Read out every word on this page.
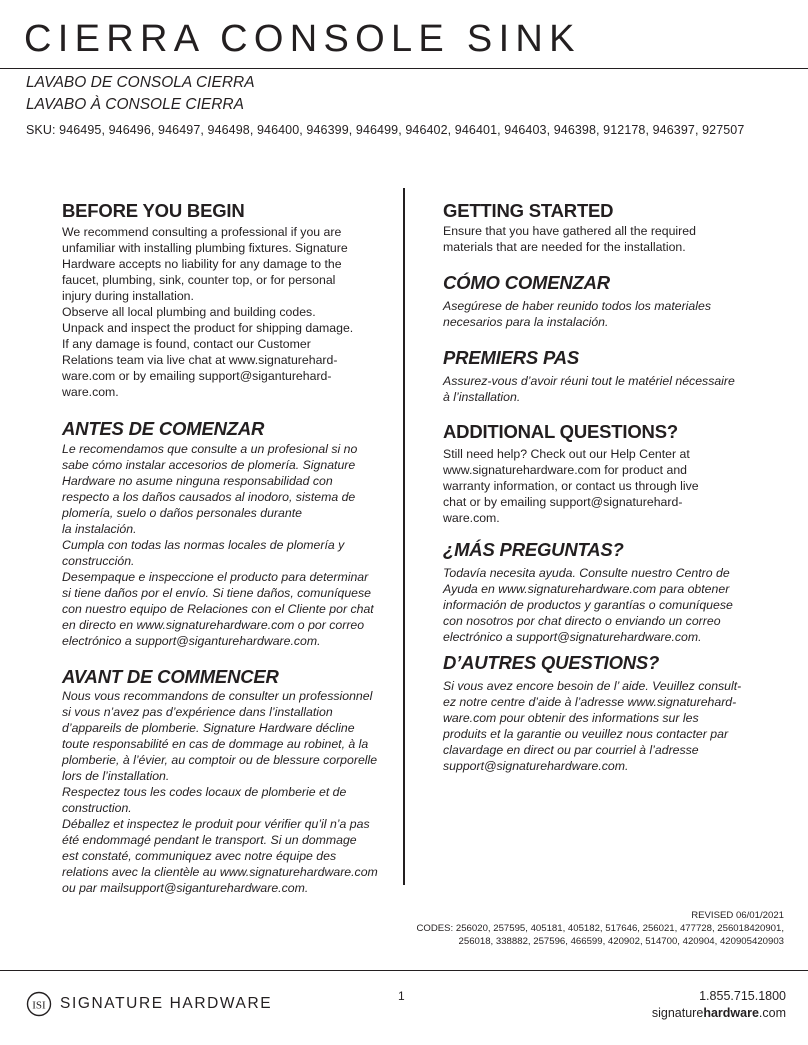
CIERRA CONSOLE SINK
LAVABO DE CONSOLA CIERRA
LAVABO À CONSOLE CIERRA
SKU: 946495, 946496, 946497, 946498, 946400, 946399, 946499, 946402, 946401, 946403, 946398, 912178, 946397, 927507
BEFORE YOU BEGIN

We recommend consulting a professional if you are
unfamiliar with installing plumbing fixtures. Signature
Hardware accepts no liability for any damage to the
faucet, plumbing, sink, counter top, or for personal
injury during installation.
Observe all local plumbing and building codes.
Unpack and inspect the product for shipping damage.
If any damage is found, contact our Customer
Relations team via live chat at www.signaturehard-
ware.com or by emailing support@siganturehard-
ware.com.

ANTES DE COMENZAR

Le recomendamos que consulte a un profesional si no
sabe cómo instalar accesorios de plomería. Signature
Hardware no asume ninguna responsabilidad con
respecto a los daños causados al inodoro, sistema de
plomería, suelo o daños personales durante
la instalación.
Cumpla con todas las normas locales de plomería y
construcción.
Desempaque e inspeccione el producto para determinar
si tiene daños por el envío. Si tiene daños, comuníquese
con nuestro equipo de Relaciones con el Cliente por chat
en directo en www.signaturehardware.com o por correo
electrónico a support@siganturehardware.com.

AVANT DE COMMENCER

Nous vous recommandons de consulter un professionnel
si vous n’avez pas d’expérience dans l’installation
d’appareils de plomberie. Signature Hardware décline
toute responsabilité en cas de dommage au robinet, à la
plomberie, à l’évier, au comptoir ou de blessure corporelle
lors de l’installation.
Respectez tous les codes locaux de plomberie et de
construction.
Déballez et inspectez le produit pour vérifier qu’il n’a pas
été endommagé pendant le transport. Si un dommage
est constaté, communiquez avec notre équipe des
relations avec la clientèle au www.signaturehardware.com
ou par mailsupport@siganturehardware.com.

GETTING STARTED

Ensure that you have gathered all the required
materials that are needed for the installation.

CÓMO COMENZAR

Asegúrese de haber reunido todos los materiales
necesarios para la instalación.

PREMIERS PAS

Assurez-vous d’avoir réuni tout le matériel nécessaire
à l’installation.

ADDITIONAL QUESTIONS?

Still need help? Check out our Help Center at
www.signaturehardware.com for product and
warranty information, or contact us through live
chat or by emailing support@signaturehard-
ware.com.

¿MÁS PREGUNTAS?

Todavía necesita ayuda. Consulte nuestro Centro de
Ayuda en www.signaturehardware.com para obtener
información de productos y garantías o comuníquese
con nosotros por chat directo o enviando un correo
electrónico a support@signaturehardware.com.

D’AUTRES QUESTIONS?

Si vous avez encore besoin de l’ aide. Veuillez consult-
ez notre centre d’aide à l’adresse www.signaturehard-
ware.com pour obtenir des informations sur les
produits et la garantie ou veuillez nous contacter par
clavardage en direct ou par courriel à l’adresse
support@signaturehardware.com.

REVISED 06/01/2021
CODES: 256020, 257595, 405181, 405182, 517646, 256021, 477728, 256018420901, 256018, 338882, 257596, 466599, 420902, 514700, 420904, 420905420903
ISI SIGNATURE HARDWARE	1	1.855.715.1800
signaturehardware.com
